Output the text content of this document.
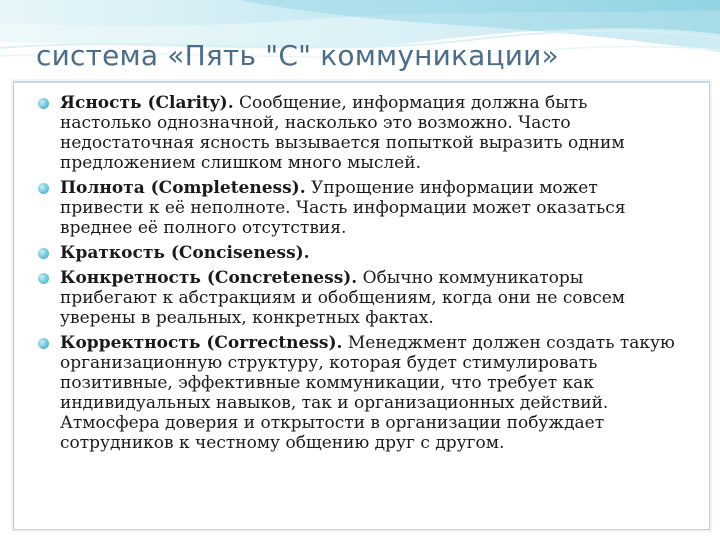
система «Пять "С" коммуникации»
Ясность (Clarity). Сообщение, информация должна быть настолько однозначной, насколько это возможно. Часто недостаточная ясность вызывается попыткой выразить одним предложением слишком много мыслей.
Полнота (Completeness). Упрощение информации может привести к её неполноте. Часть информации может оказаться вреднее её полного отсутствия.
Краткость (Conciseness).
Конкретность (Concreteness). Обычно коммуникаторы прибегают к абстракциям и обобщениям, когда они не совсем уверены в реальных, конкретных фактах.
Корректность (Correctness). Менеджмент должен создать такую организационную структуру, которая будет стимулировать позитивные, эффективные коммуникации, что требует как индивидуальных навыков, так и организационных действий. Атмосфера доверия и открытости в организации побуждает сотрудников к честному общению друг с другом.
